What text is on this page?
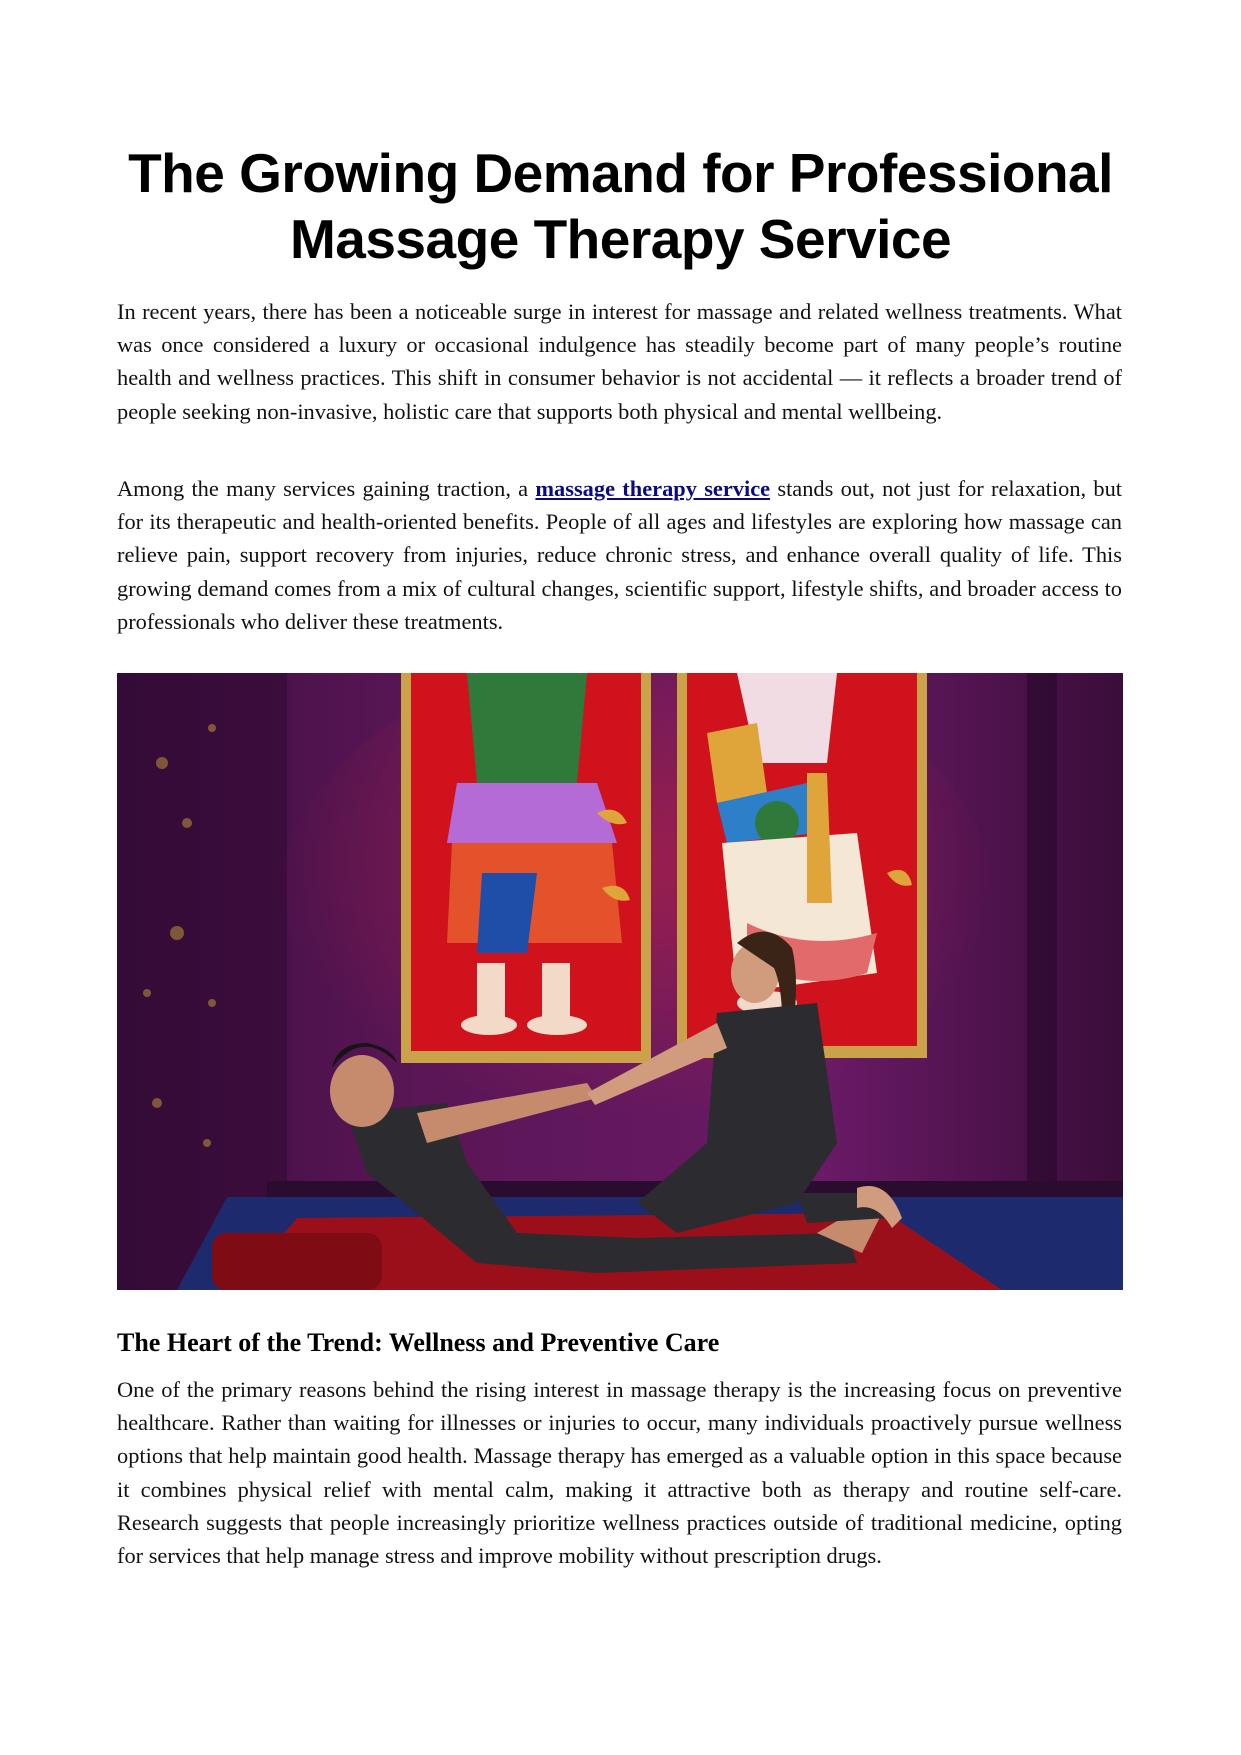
The Growing Demand for Professional
Massage Therapy Service

In recent years, there has been a noticeable surge in interest for massage and related wellness treatments. What was once considered a luxury or occasional indulgence has steadily become part of many people’s routine health and wellness practices. This shift in consumer behavior is not accidental — it reflects a broader trend of people seeking non-invasive, holistic care that supports both physical and mental wellbeing.

Among the many services gaining traction, a massage therapy service stands out, not just for relaxation, but for its therapeutic and health-oriented benefits. People of all ages and lifestyles are exploring how massage can relieve pain, support recovery from injuries, reduce chronic stress, and enhance overall quality of life. This growing demand comes from a mix of cultural changes, scientific support, lifestyle shifts, and broader access to professionals who deliver these treatments.

The Heart of the Trend: Wellness and Preventive Care

One of the primary reasons behind the rising interest in massage therapy is the increasing focus on preventive healthcare. Rather than waiting for illnesses or injuries to occur, many individuals proactively pursue wellness options that help maintain good health. Massage therapy has emerged as a valuable option in this space because it combines physical relief with mental calm, making it attractive both as therapy and routine self-care. Research suggests that people increasingly prioritize wellness practices outside of traditional medicine, opting for services that help manage stress and improve mobility without prescription drugs.
